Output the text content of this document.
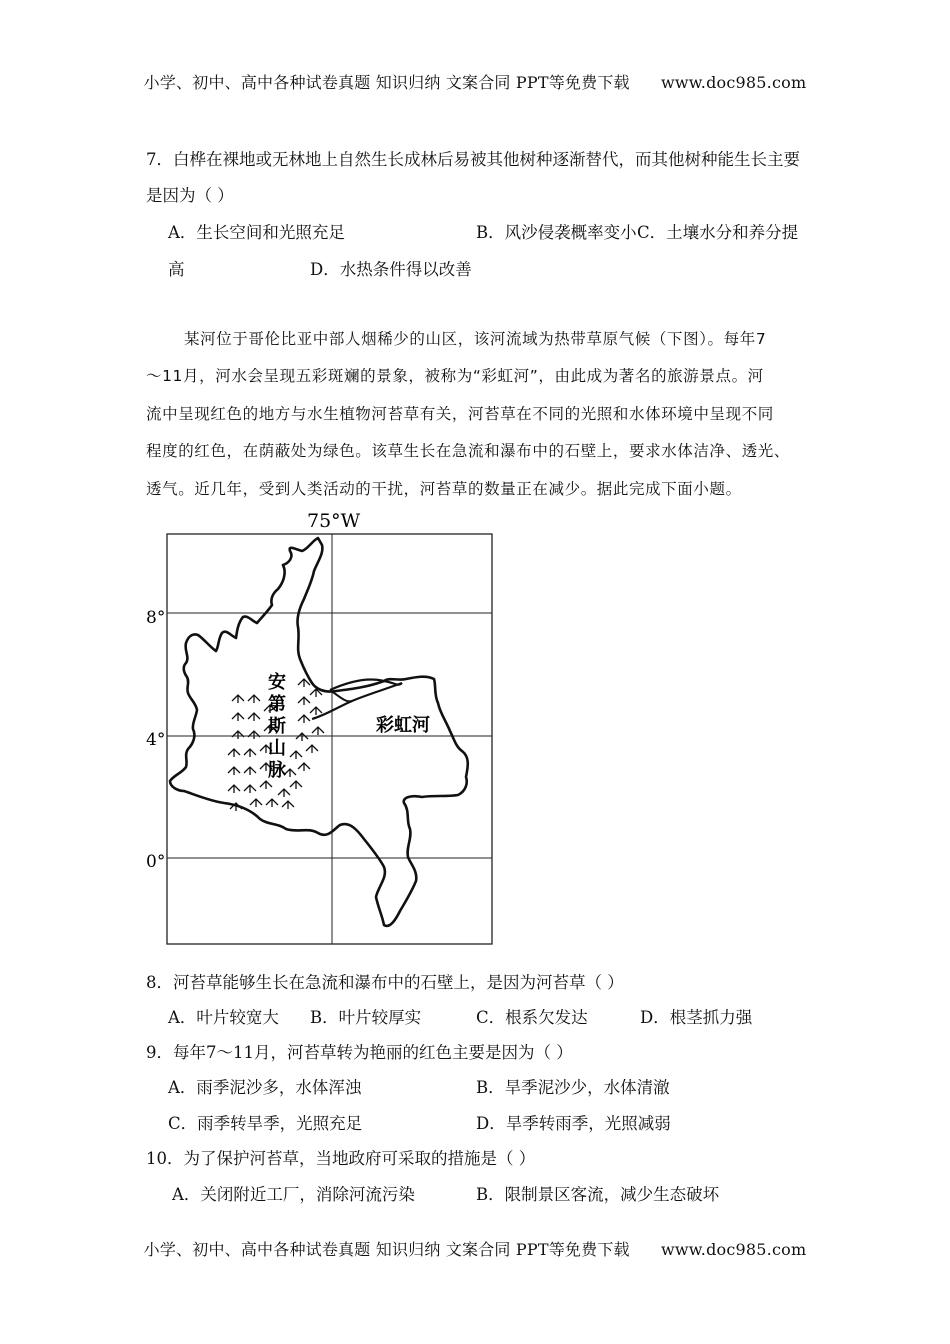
小学、初中、高中各种试卷真题 知识归纳 文案合同 PPT等免费下载 www.doc985.com
7．白桦在裸地或无林地上自然生长成林后易被其他树种逐渐替代，而其他树种能生长主要
是因为（ ）
A．生长空间和光照充足	B．风沙侵袭概率变小 C．土壤水分和养分提
高	D．水热条件得以改善
某河位于哥伦比亚中部人烟稀少的山区，该河流域为热带草原气候（下图）。每年7
～11月，河水会呈现五彩斑斓的景象，被称为“彩虹河”，由此成为著名的旅游景点。河
流中呈现红色的地方与水生植物河苔草有关，河苔草在不同的光照和水体环境中呈现不同
程度的红色，在荫蔽处为绿色。该草生长在急流和瀑布中的石壁上，要求水体洁净、透光、
透气。近几年，受到人类活动的干扰，河苔草的数量正在减少。据此完成下面小题。
75°W
8°
4°
0°
安
第
斯
山
脉
彩虹河
8．河苔草能够生长在急流和瀑布中的石壁上，是因为河苔草（ ）
A．叶片较宽大 B．叶片较厚实	C．根系欠发达	D．根茎抓力强
9．每年7～11月，河苔草转为艳丽的红色主要是因为（ ）
A．雨季泥沙多，水体浑浊	B．旱季泥沙少，水体清澈
C．雨季转旱季，光照充足	D．旱季转雨季，光照减弱
10．为了保护河苔草，当地政府可采取的措施是（ ）
A．关闭附近工厂，消除河流污染	B．限制景区客流，减少生态破坏
小学、初中、高中各种试卷真题 知识归纳 文案合同 PPT等免费下载 www.doc985.com
